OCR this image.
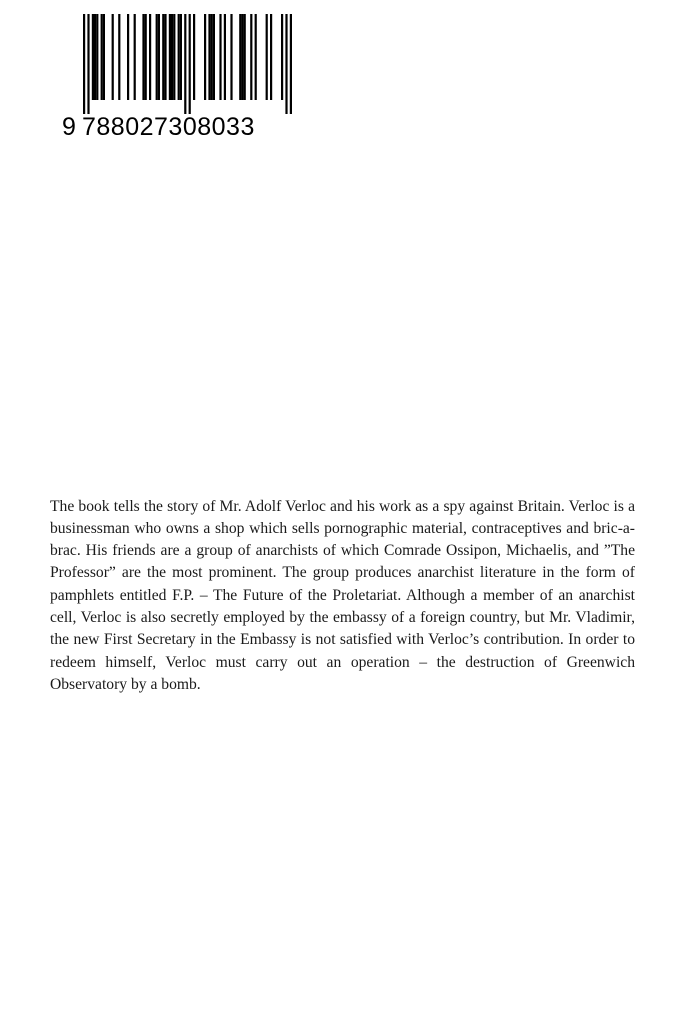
9 788027308033

The book tells the story of Mr. Adolf Verloc and his work as a spy against Britain. Verloc is a businessman who owns a shop which sells pornographic material, contraceptives and bric-a-brac. His friends are a group of anarchists of which Comrade Ossipon, Michaelis, and ”The Professor” are the most prominent. The group produces anarchist literature in the form of pamphlets entitled F.P. – The Future of the Proletariat. Although a member of an anarchist cell, Verloc is also secretly employed by the embassy of a foreign country, but Mr. Vladimir, the new First Secretary in the Embassy is not satisfied with Verloc’s contribution. In order to redeem himself, Verloc must carry out an operation – the destruction of Greenwich Observatory by a bomb.
